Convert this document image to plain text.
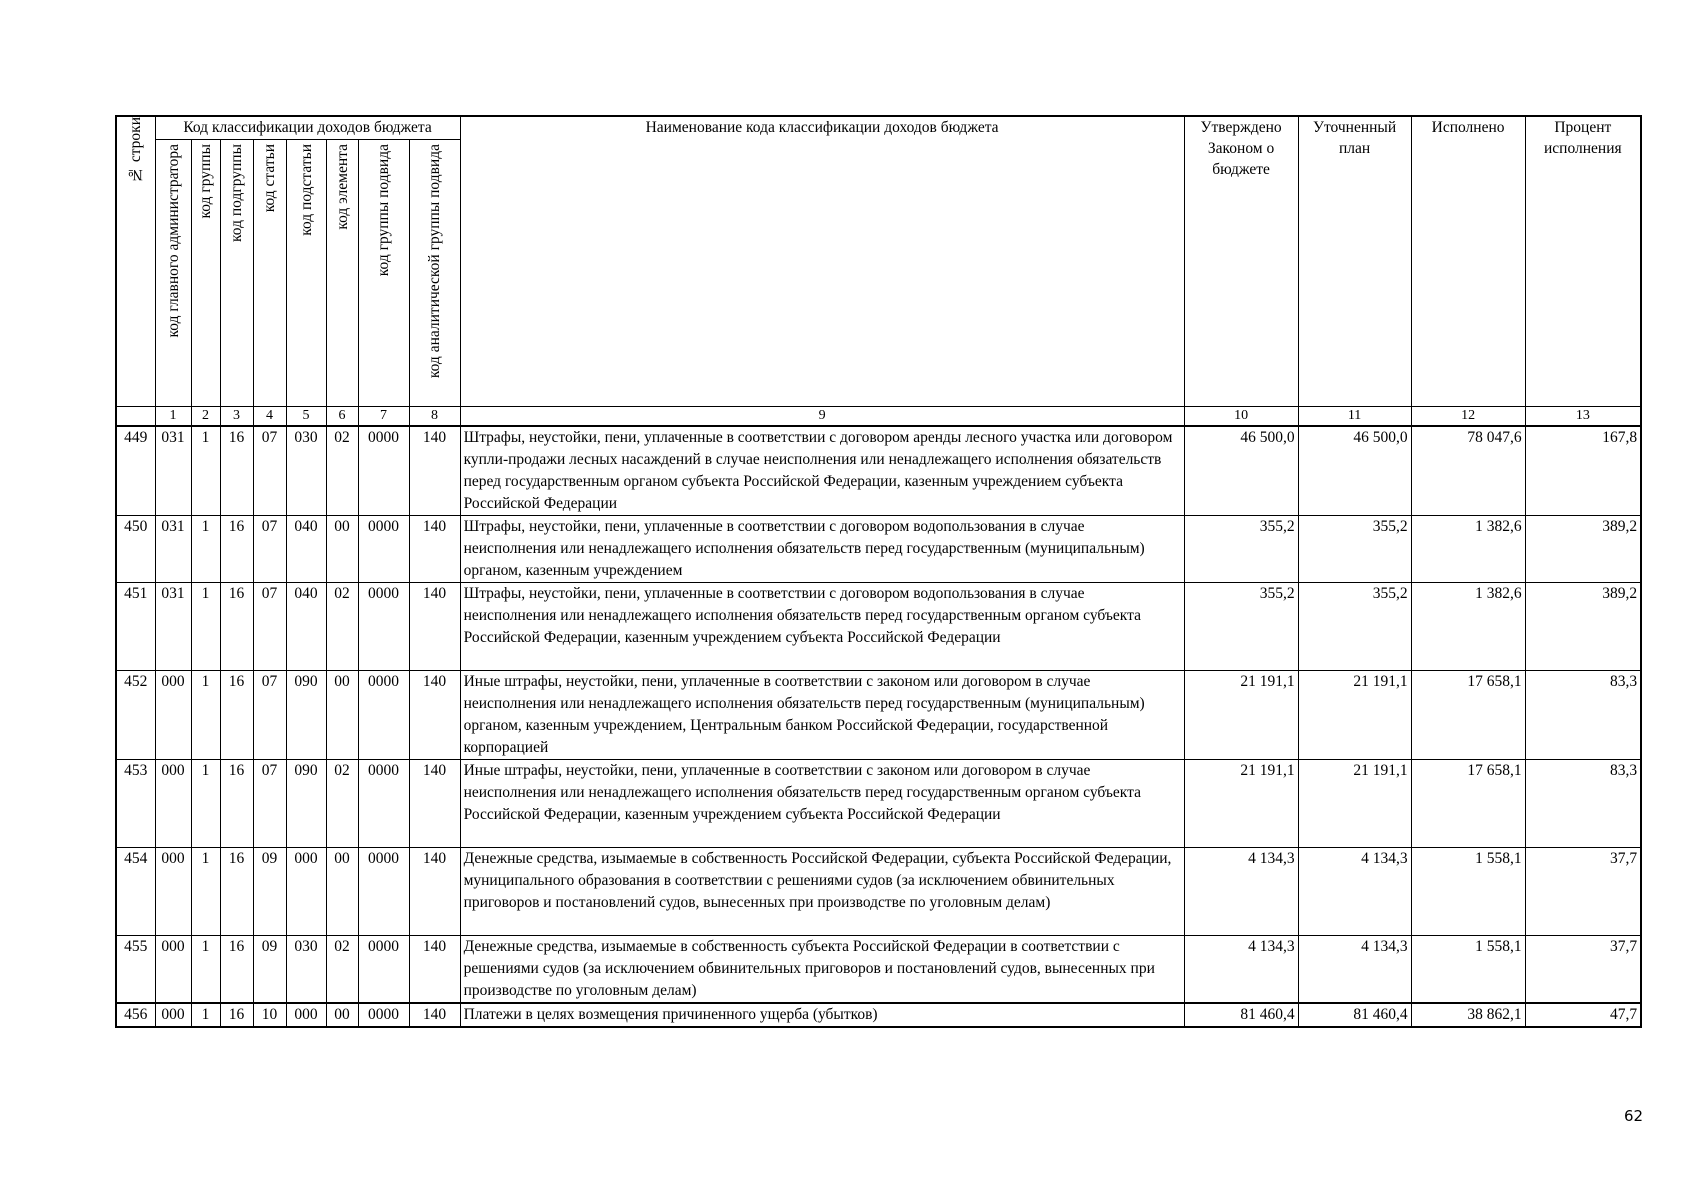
№ строки	Код классификации доходов бюджета								Наименование кода классификации доходов бюджета	Утверждено Законом о бюджете	Уточненный план	Исполнено	Процент исполнения
	код главного администратора	код группы	код подгруппы	код статьи	код подстатьи	код элемента	код группы подвида	код аналитической группы подвида					
	1	2	3	4	5	6	7	8	9	10	11	12	13
449	031	1	16	07	030	02	0000	140	Штрафы, неустойки, пени, уплаченные в соответствии с договором аренды лесного участка или договором купли-продажи лесных насаждений в случае неисполнения или ненадлежащего исполнения обязательств перед государственным органом субъекта Российской Федерации, казенным учреждением субъекта Российской Федерации	46 500,0	46 500,0	78 047,6	167,8
450	031	1	16	07	040	00	0000	140	Штрафы, неустойки, пени, уплаченные в соответствии с договором водопользования в случае неисполнения или ненадлежащего исполнения обязательств перед государственным (муниципальным) органом, казенным учреждением	355,2	355,2	1 382,6	389,2
451	031	1	16	07	040	02	0000	140	Штрафы, неустойки, пени, уплаченные в соответствии с договором водопользования в случае неисполнения или ненадлежащего исполнения обязательств перед государственным органом субъекта Российской Федерации, казенным учреждением субъекта Российской Федерации	355,2	355,2	1 382,6	389,2
452	000	1	16	07	090	00	0000	140	Иные штрафы, неустойки, пени, уплаченные в соответствии с законом или договором в случае неисполнения или ненадлежащего исполнения обязательств перед государственным (муниципальным) органом, казенным учреждением, Центральным банком Российской Федерации, государственной корпорацией	21 191,1	21 191,1	17 658,1	83,3
453	000	1	16	07	090	02	0000	140	Иные штрафы, неустойки, пени, уплаченные в соответствии с законом или договором в случае неисполнения или ненадлежащего исполнения обязательств перед государственным органом субъекта Российской Федерации, казенным учреждением субъекта Российской Федерации	21 191,1	21 191,1	17 658,1	83,3
454	000	1	16	09	000	00	0000	140	Денежные средства, изымаемые в собственность Российской Федерации, субъекта Российской Федерации, муниципального образования в соответствии с решениями судов (за исключением обвинительных приговоров и постановлений судов, вынесенных при производстве по уголовным делам)	4 134,3	4 134,3	1 558,1	37,7
455	000	1	16	09	030	02	0000	140	Денежные средства, изымаемые в собственность субъекта Российской Федерации в соответствии с решениями судов (за исключением обвинительных приговоров и постановлений судов, вынесенных при производстве по уголовным делам)	4 134,3	4 134,3	1 558,1	37,7
456	000	1	16	10	000	00	0000	140	Платежи в целях возмещения причиненного ущерба (убытков)	81 460,4	81 460,4	38 862,1	47,7
62
